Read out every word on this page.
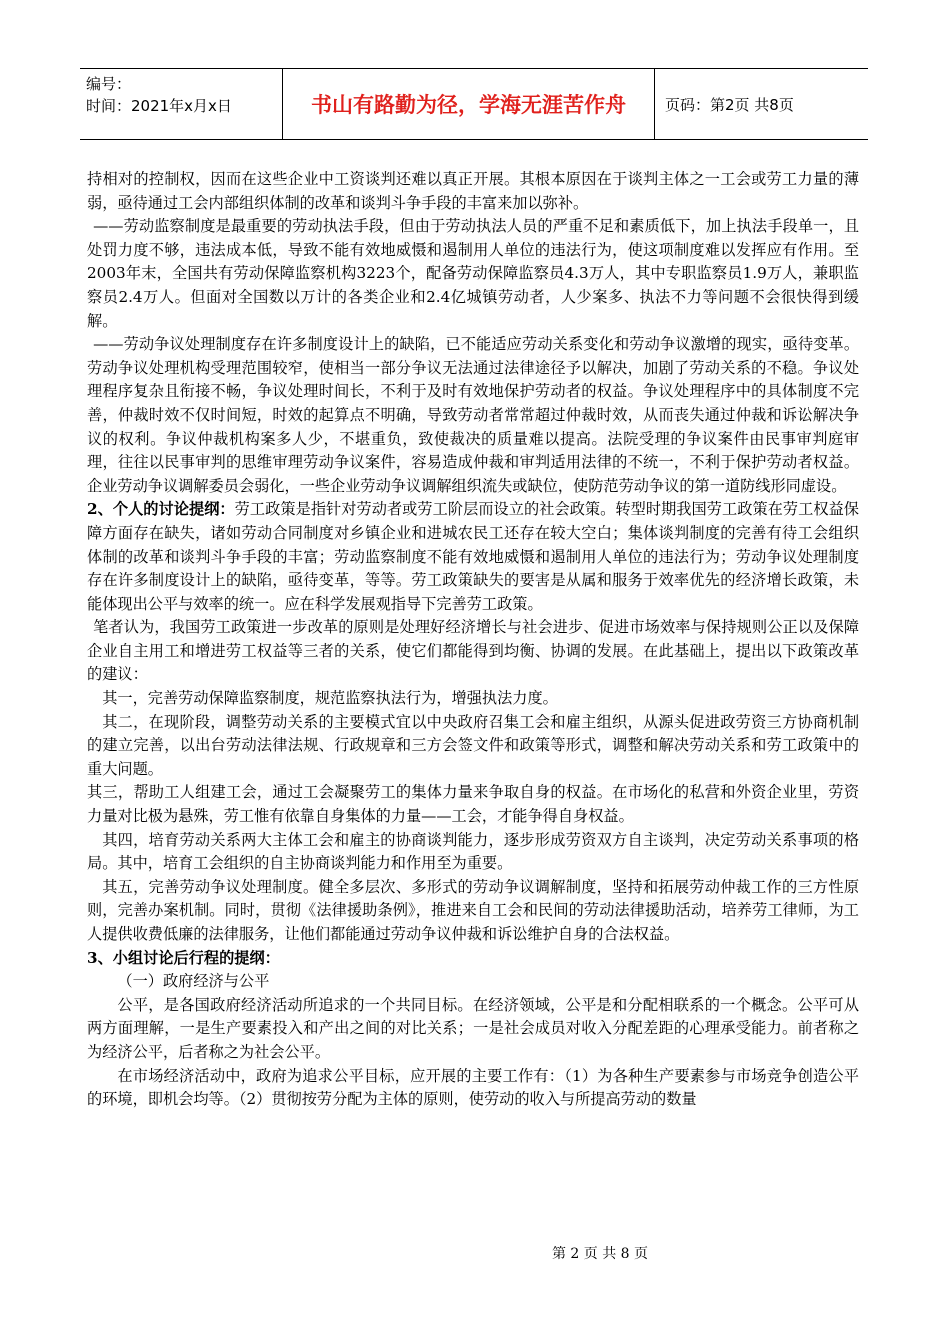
编号：
时间：2021年x月x日	书山有路勤为径，学海无涯苦作舟	页码：第2页 共8页

持相对的控制权，因而在这些企业中工资谈判还难以真正开展。其根本原因在于谈判主体之一工会或劳工力量的薄弱，亟待通过工会内部组织体制的改革和谈判斗争手段的丰富来加以弥补。

——劳动监察制度是最重要的劳动执法手段，但由于劳动执法人员的严重不足和素质低下，加上执法手段单一，且处罚力度不够，违法成本低，导致不能有效地威慑和遏制用人单位的违法行为，使这项制度难以发挥应有作用。至2003年末，全国共有劳动保障监察机构3223个，配备劳动保障监察员4.3万人，其中专职监察员1.9万人，兼职监察员2.4万人。但面对全国数以万计的各类企业和2.4亿城镇劳动者，人少案多、执法不力等问题不会很快得到缓解。

——劳动争议处理制度存在许多制度设计上的缺陷，已不能适应劳动关系变化和劳动争议激增的现实，亟待变革。劳动争议处理机构受理范围较窄，使相当一部分争议无法通过法律途径予以解决，加剧了劳动关系的不稳。争议处理程序复杂且衔接不畅，争议处理时间长，不利于及时有效地保护劳动者的权益。争议处理程序中的具体制度不完善，仲裁时效不仅时间短，时效的起算点不明确，导致劳动者常常超过仲裁时效，从而丧失通过仲裁和诉讼解决争议的权利。争议仲裁机构案多人少，不堪重负，致使裁决的质量难以提高。法院受理的争议案件由民事审判庭审理，往往以民事审判的思维审理劳动争议案件，容易造成仲裁和审判适用法律的不统一，不利于保护劳动者权益。企业劳动争议调解委员会弱化，一些企业劳动争议调解组织流失或缺位，使防范劳动争议的第一道防线形同虚设。

2、个人的讨论提纲：劳工政策是指针对劳动者或劳工阶层而设立的社会政策。转型时期我国劳工政策在劳工权益保障方面存在缺失，诸如劳动合同制度对乡镇企业和进城农民工还存在较大空白；集体谈判制度的完善有待工会组织体制的改革和谈判斗争手段的丰富；劳动监察制度不能有效地威慑和遏制用人单位的违法行为；劳动争议处理制度存在许多制度设计上的缺陷，亟待变革，等等。劳工政策缺失的要害是从属和服务于效率优先的经济增长政策，未能体现出公平与效率的统一。应在科学发展观指导下完善劳工政策。

笔者认为，我国劳工政策进一步改革的原则是处理好经济增长与社会进步、促进市场效率与保持规则公正以及保障企业自主用工和增进劳工权益等三者的关系，使它们都能得到均衡、协调的发展。在此基础上，提出以下政策改革的建议：

其一，完善劳动保障监察制度，规范监察执法行为，增强执法力度。

其二，在现阶段，调整劳动关系的主要模式宜以中央政府召集工会和雇主组织，从源头促进政劳资三方协商机制的建立完善，以出台劳动法律法规、行政规章和三方会签文件和政策等形式，调整和解决劳动关系和劳工政策中的重大问题。

其三，帮助工人组建工会，通过工会凝聚劳工的集体力量来争取自身的权益。在市场化的私营和外资企业里，劳资力量对比极为悬殊，劳工惟有依靠自身集体的力量——工会，才能争得自身权益。

其四，培育劳动关系两大主体工会和雇主的协商谈判能力，逐步形成劳资双方自主谈判，决定劳动关系事项的格局。其中，培育工会组织的自主协商谈判能力和作用至为重要。

其五，完善劳动争议处理制度。健全多层次、多形式的劳动争议调解制度，坚持和拓展劳动仲裁工作的三方性原则，完善办案机制。同时，贯彻《法律援助条例》，推进来自工会和民间的劳动法律援助活动，培养劳工律师，为工人提供收费低廉的法律服务，让他们都能通过劳动争议仲裁和诉讼维护自身的合法权益。

3、小组讨论后行程的提纲：

（一）政府经济与公平

公平，是各国政府经济活动所追求的一个共同目标。在经济领域，公平是和分配相联系的一个概念。公平可从两方面理解，一是生产要素投入和产出之间的对比关系；一是社会成员对收入分配差距的心理承受能力。前者称之为经济公平，后者称之为社会公平。

在市场经济活动中，政府为追求公平目标，应开展的主要工作有：（1）为各种生产要素参与市场竞争创造公平的环境，即机会均等。（2）贯彻按劳分配为主体的原则，使劳动的收入与所提高劳动的数量

第 2 页 共 8 页
